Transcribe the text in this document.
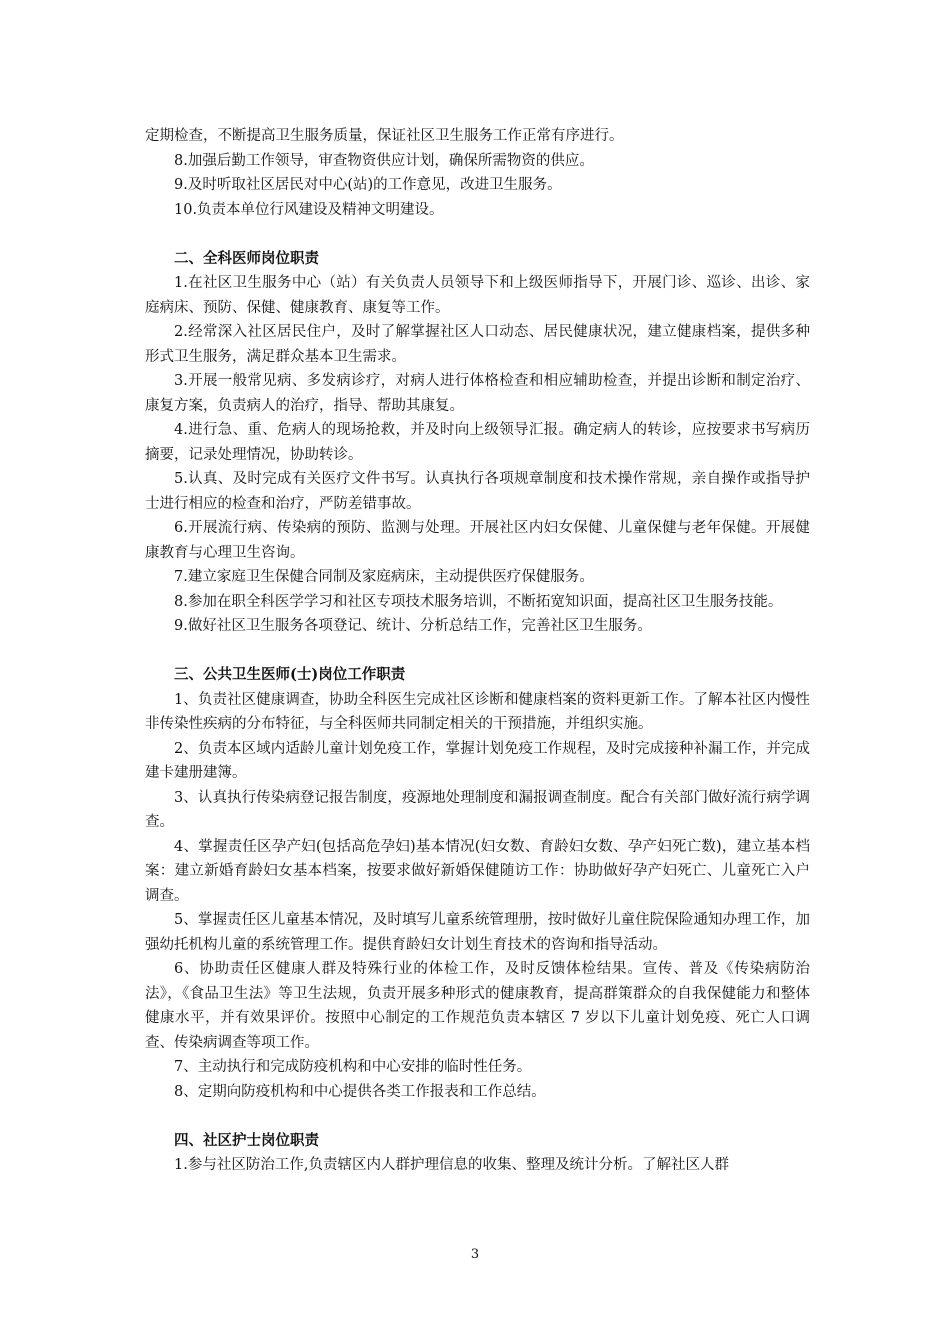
定期检查，不断提高卫生服务质量，保证社区卫生服务工作正常有序进行。

8.加强后勤工作领导，审查物资供应计划，确保所需物资的供应。

9.及时听取社区居民对中心(站)的工作意见，改进卫生服务。

10.负责本单位行风建设及精神文明建设。

二、全科医师岗位职责

1.在社区卫生服务中心（站）有关负责人员领导下和上级医师指导下，开展门诊、巡诊、出诊、家庭病床、预防、保健、健康教育、康复等工作。

2.经常深入社区居民住户，及时了解掌握社区人口动态、居民健康状况，建立健康档案，提供多种形式卫生服务，满足群众基本卫生需求。

3.开展一般常见病、多发病诊疗，对病人进行体格检查和相应辅助检查，并提出诊断和制定治疗、康复方案，负责病人的治疗，指导、帮助其康复。

4.进行急、重、危病人的现场抢救，并及时向上级领导汇报。确定病人的转诊，应按要求书写病历摘要，记录处理情况，协助转诊。

5.认真、及时完成有关医疗文件书写。认真执行各项规章制度和技术操作常规，亲自操作或指导护士进行相应的检查和治疗，严防差错事故。

6.开展流行病、传染病的预防、监测与处理。开展社区内妇女保健、儿童保健与老年保健。开展健康教育与心理卫生咨询。

7.建立家庭卫生保健合同制及家庭病床，主动提供医疗保健服务。

8.参加在职全科医学学习和社区专项技术服务培训，不断拓宽知识面，提高社区卫生服务技能。

9.做好社区卫生服务各项登记、统计、分析总结工作，完善社区卫生服务。

三、公共卫生医师(士)岗位工作职责

1、负责社区健康调查，协助全科医生完成社区诊断和健康档案的资料更新工作。了解本社区内慢性非传染性疾病的分布特征，与全科医师共同制定相关的干预措施，并组织实施。

2、负责本区域内适龄儿童计划免疫工作，掌握计划免疫工作规程，及时完成接种补漏工作，并完成建卡建册建簿。

3、认真执行传染病登记报告制度，疫源地处理制度和漏报调查制度。配合有关部门做好流行病学调查。

4、掌握责任区孕产妇(包括高危孕妇)基本情况(妇女数、育龄妇女数、孕产妇死亡数)，建立基本档案：建立新婚育龄妇女基本档案，按要求做好新婚保健随访工作：协助做好孕产妇死亡、儿童死亡入户调查。

5、掌握责任区儿童基本情况，及时填写儿童系统管理册，按时做好儿童住院保险通知办理工作，加强幼托机构儿童的系统管理工作。提供育龄妇女计划生育技术的咨询和指导活动。

6、协助责任区健康人群及特殊行业的体检工作，及时反馈体检结果。宣传、普及《传染病防治法》，《食品卫生法》等卫生法规，负责开展多种形式的健康教育，提高群策群众的自我保健能力和整体健康水平，并有效果评价。按照中心制定的工作规范负责本辖区 7 岁以下儿童计划免疫、死亡人口调查、传染病调查等项工作。

7、主动执行和完成防疫机构和中心安排的临时性任务。

8、定期向防疫机构和中心提供各类工作报表和工作总结。

四、社区护士岗位职责

1.参与社区防治工作,负责辖区内人群护理信息的收集、整理及统计分析。了解社区人群

3
